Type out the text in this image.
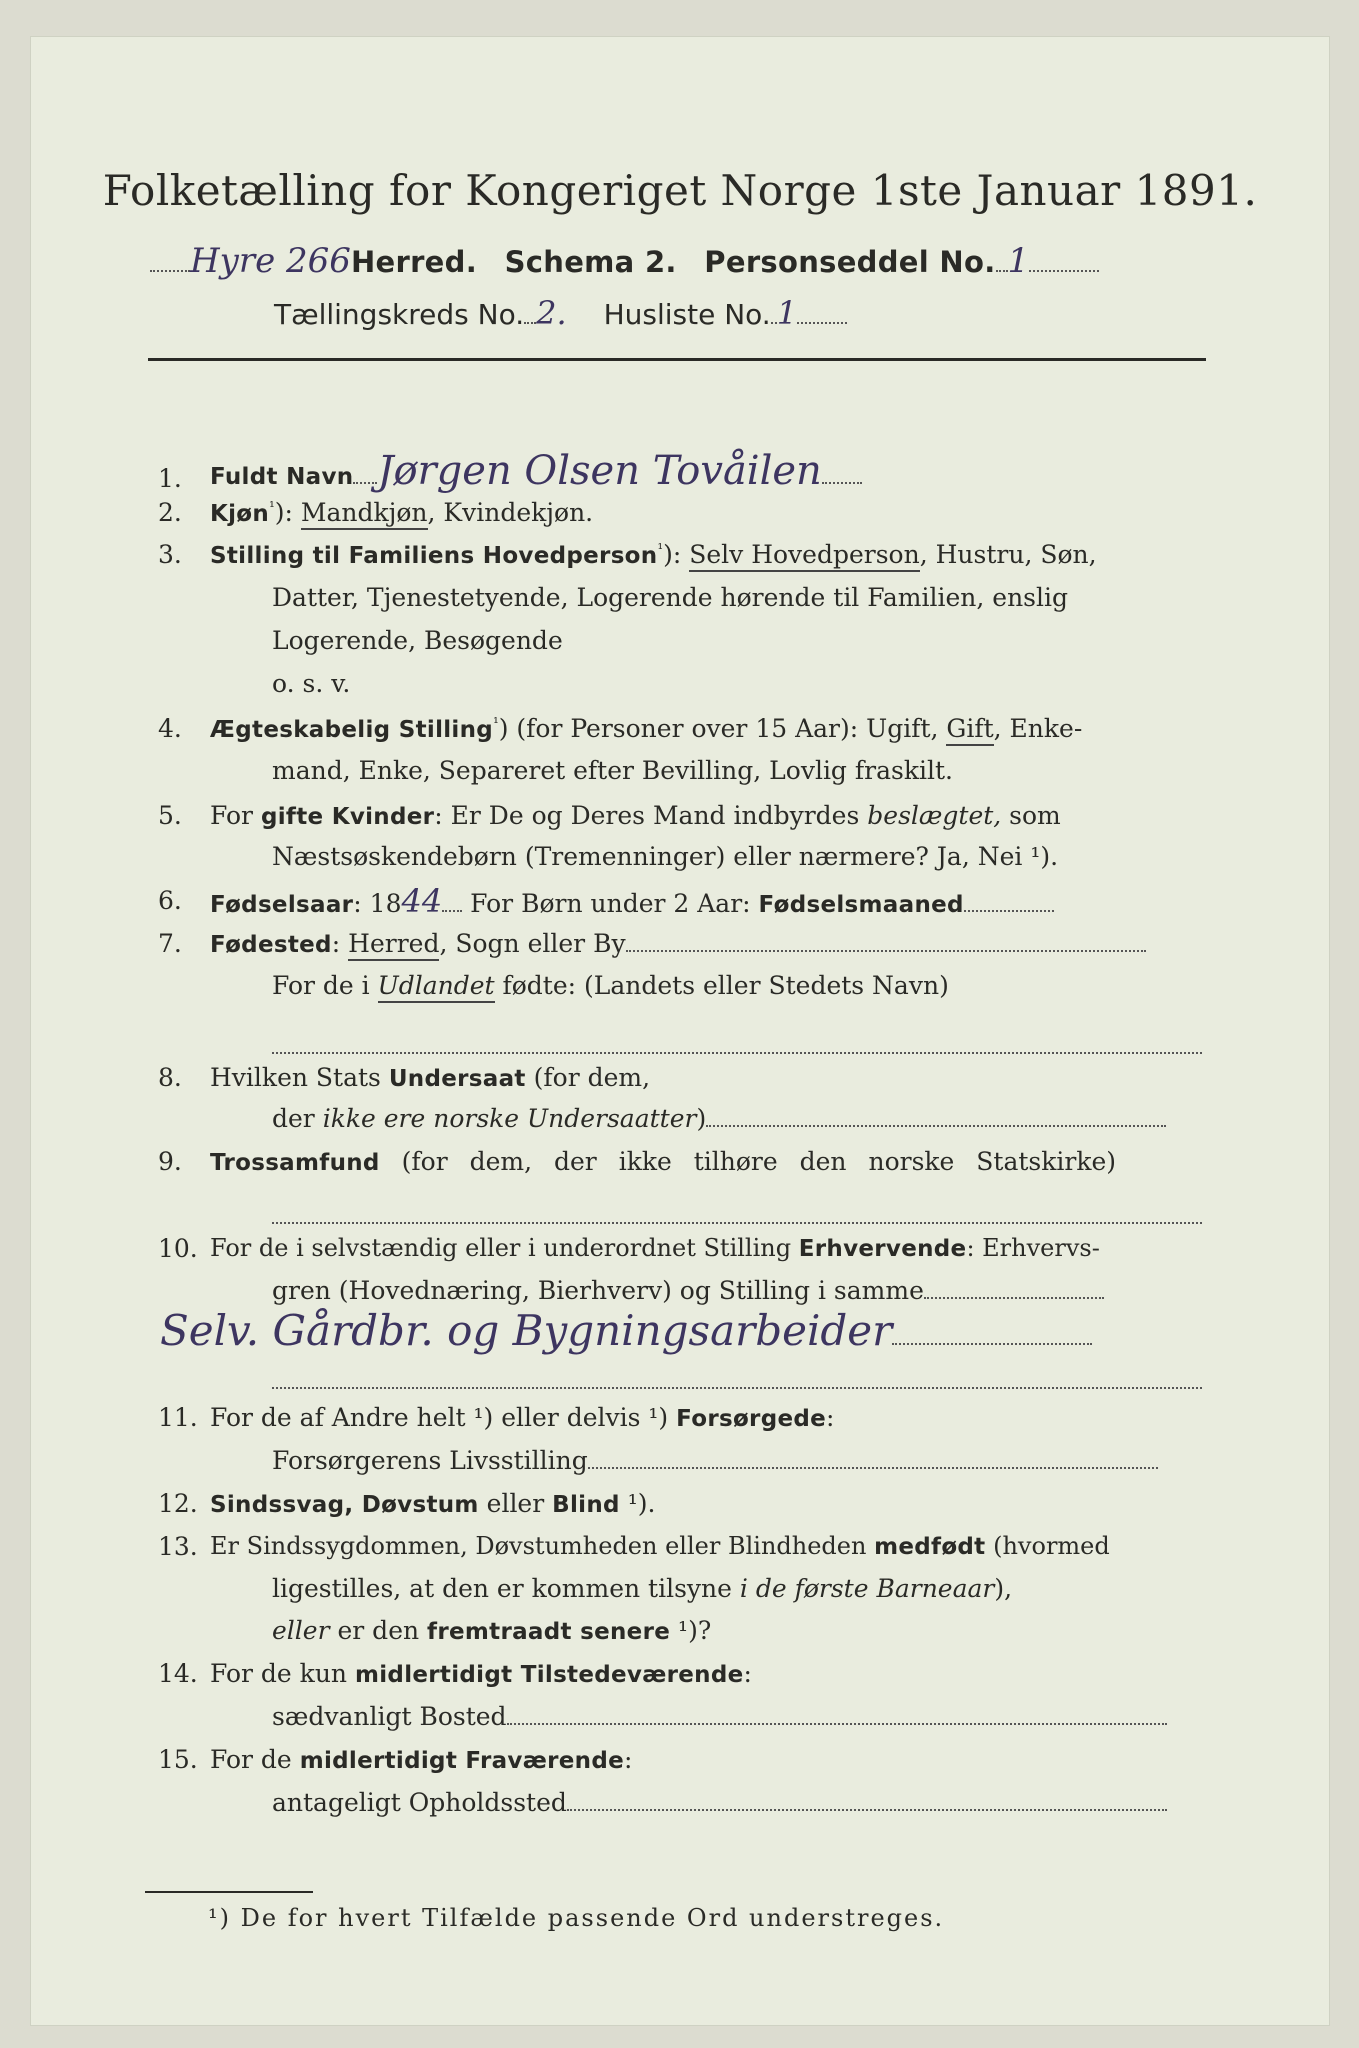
Folketælling for Kongeriget Norge 1ste Januar 1891.
Hyre 266Herred. Schema 2. Personseddel No. 1
Tællingskreds No. 2. Husliste No. 1
1. Fuldt Navn Jørgen Olsen Tovåilen
2. Kjøn$^{^1}$): Mandkjøn, Kvindekjøn.
3. Stilling til Familiens Hovedperson$^{^1}$): Selv Hovedperson, Hustru, Søn,
Datter, Tjenestetyende, Logerende hørende til Familien, enslig
Logerende, Besøgende
o. s. v.
4. Ægteskabelig Stilling$^{^1}$) (for Personer over 15 Aar): Ugift, Gift, Enke-
mand, Enke, Separeret efter Bevilling, Lovlig fraskilt.
5. For gifte Kvinder: Er De og Deres Mand indbyrdes beslægtet, som
Næstsøskendebørn (Tremenninger) eller nærmere? Ja, Nei ¹).
6. Fødselsaar: 1844 For Børn under 2 Aar: Fødselsmaaned
7. Fødested: Herred, Sogn eller By
For de i Udlandet fødte: (Landets eller Stedets Navn)
8. Hvilken Stats Undersaat (for dem,
der ikke ere norske Undersaatter)
9. Trossamfund (for dem, der ikke tilhøre den norske Statskirke)
10. For de i selvstændig eller i underordnet Stilling Erhvervende: Erhvervs-
gren (Hovednæring, Bierhverv) og Stilling i samme
Selv. Gårdbr. og Bygningsarbeider
11. For de af Andre helt ¹) eller delvis ¹) Forsørgede:
Forsørgerens Livsstilling
12. Sindssvag, Døvstum eller Blind ¹).
13. Er Sindssygdommen, Døvstumheden eller Blindheden medfødt (hvormed
ligestilles, at den er kommen tilsyne i de første Barneaar),
eller er den fremtraadt senere ¹)?
14. For de kun midlertidigt Tilstedeværende:
sædvanligt Bosted
15. For de midlertidigt Fraværende:
antageligt Opholdssted
¹) De for hvert Tilfælde passende Ord understreges.
